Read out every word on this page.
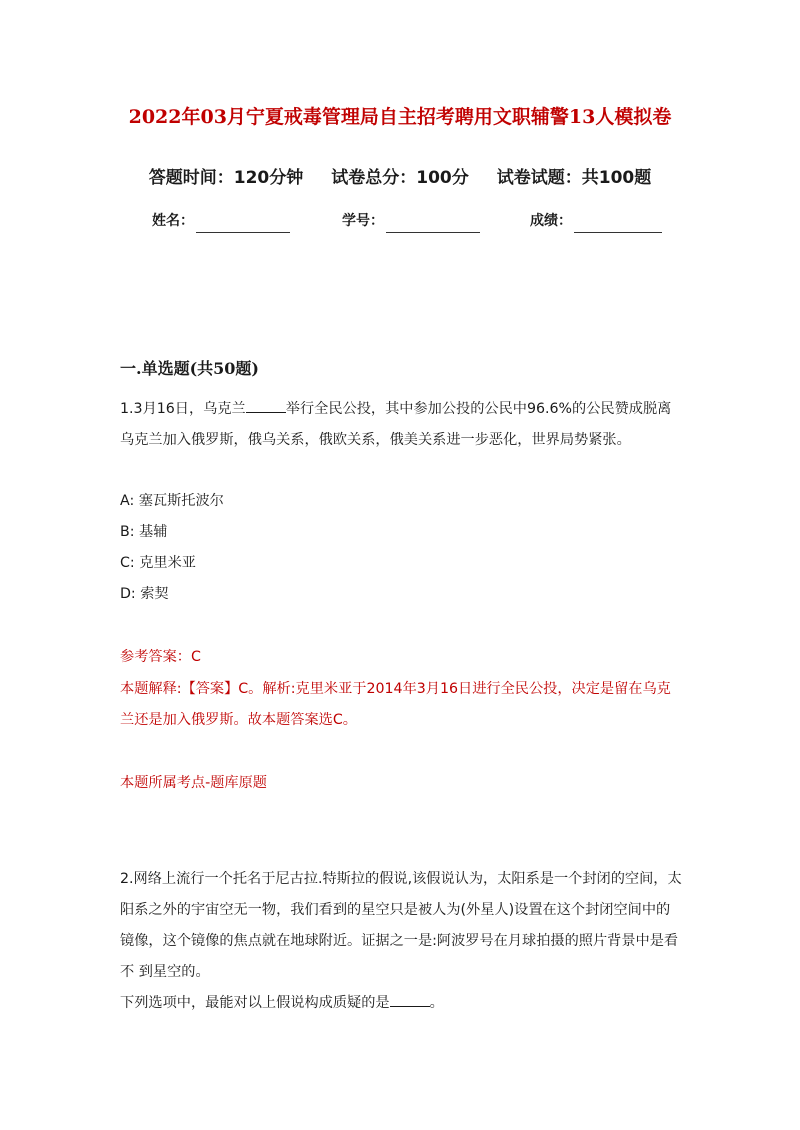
2022年03月宁夏戒毒管理局自主招考聘用文职辅警13人模拟卷
答题时间：120分钟 试卷总分：100分 试卷试题：共100题
姓名：	学号：	成绩：
一.单选题(共50题)

1.3月16日，乌克兰	举行全民公投，其中参加公投的公民中96.6%的公民赞成脱离乌克兰加入俄罗斯，俄乌关系，俄欧关系，俄美关系进一步恶化，世界局势紧张。

A: 塞瓦斯托波尔
B: 基辅
C: 克里米亚
D: 索契
参考答案：C
本题解释:【答案】C。解析:克里米亚于2014年3月16日进行全民公投，决定是留在乌克兰还是加入俄罗斯。故本题答案选C。
本题所属考点-题库原题

2.网络上流行一个托名于尼古拉.特斯拉的假说,该假说认为，太阳系是一个封闭的空间，太阳系之外的宇宙空无一物，我们看到的星空只是被人为(外星人)设置在这个封闭空间中的 镜像，这个镜像的焦点就在地球附近。证据之一是:阿波罗号在月球拍摄的照片背景中是看不 到星空的。

下列选项中，最能对以上假说构成质疑的是	。
